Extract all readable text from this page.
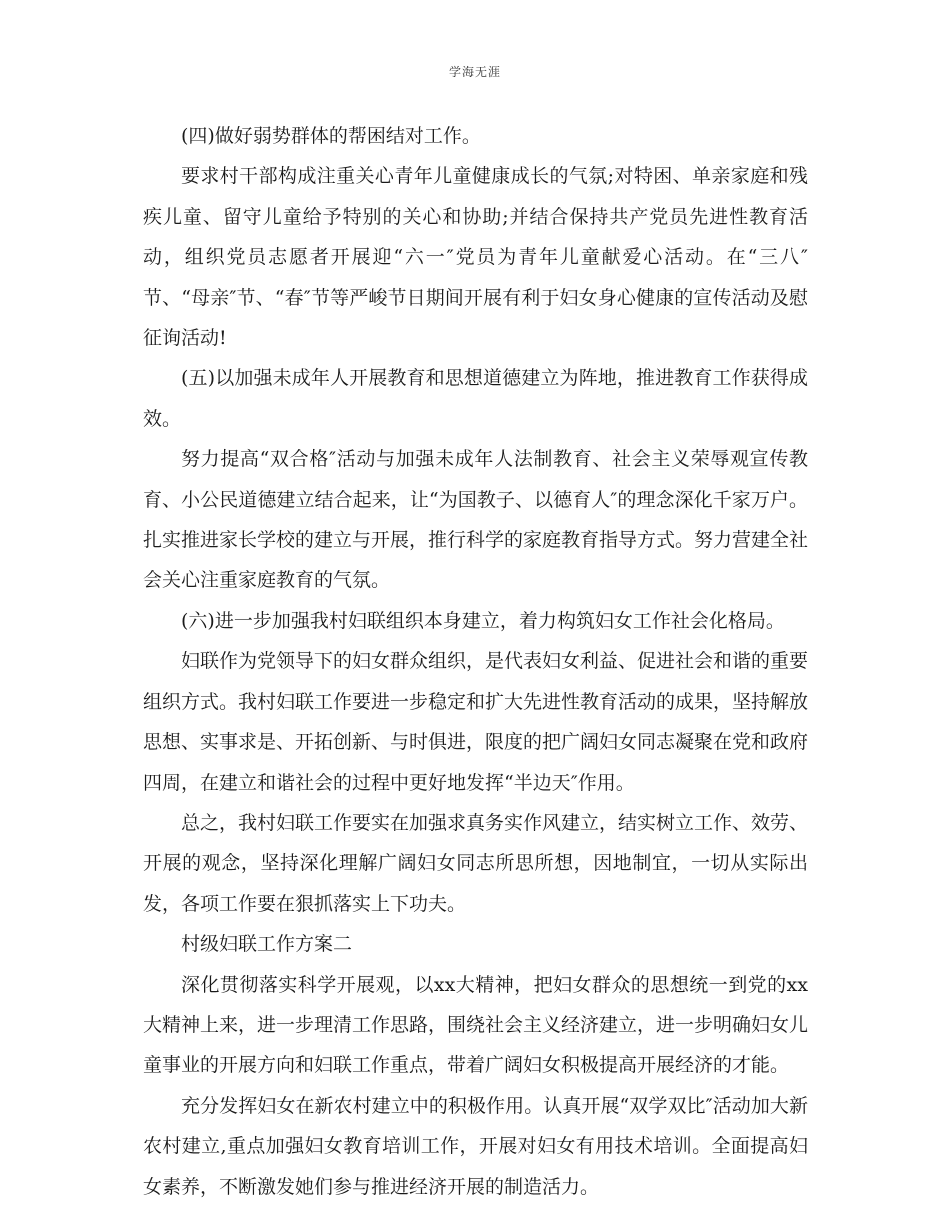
学海无涯

(四)做好弱势群体的帮困结对工作。

要求村干部构成注重关心青年儿童健康成长的气氛;对特困、单亲家庭和残疾儿童、留守儿童给予特别的关心和协助;并结合保持共产党员先进性教育活动，组织党员志愿者开展迎“六一″党员为青年儿童献爱心活动。在“三八″节、“母亲″节、“春″节等严峻节日期间开展有利于妇女身心健康的宣传活动及慰征询活动!

(五)以加强未成年人开展教育和思想道德建立为阵地，推进教育工作获得成效。

努力提高“双合格″活动与加强未成年人法制教育、社会主义荣辱观宣传教育、小公民道德建立结合起来，让“为国教子、以德育人″的理念深化千家万户。扎实推进家长学校的建立与开展，推行科学的家庭教育指导方式。努力营建全社会关心注重家庭教育的气氛。

(六)进一步加强我村妇联组织本身建立，着力构筑妇女工作社会化格局。

妇联作为党领导下的妇女群众组织，是代表妇女利益、促进社会和谐的重要组织方式。我村妇联工作要进一步稳定和扩大先进性教育活动的成果，坚持解放思想、实事求是、开拓创新、与时俱进，限度的把广阔妇女同志凝聚在党和政府四周，在建立和谐社会的过程中更好地发挥“半边天″作用。

总之，我村妇联工作要实在加强求真务实作风建立，结实树立工作、效劳、开展的观念，坚持深化理解广阔妇女同志所思所想，因地制宜，一切从实际出发，各项工作要在狠抓落实上下功夫。

村级妇联工作方案二

深化贯彻落实科学开展观，以xx大精神，把妇女群众的思想统一到党的xx大精神上来，进一步理清工作思路，围绕社会主义经济建立，进一步明确妇女儿童事业的开展方向和妇联工作重点，带着广阔妇女积极提高开展经济的才能。

充分发挥妇女在新农村建立中的积极作用。认真开展“双学双比″活动加大新农村建立,重点加强妇女教育培训工作，开展对妇女有用技术培训。全面提高妇女素养，不断激发她们参与推进经济开展的制造活力。
